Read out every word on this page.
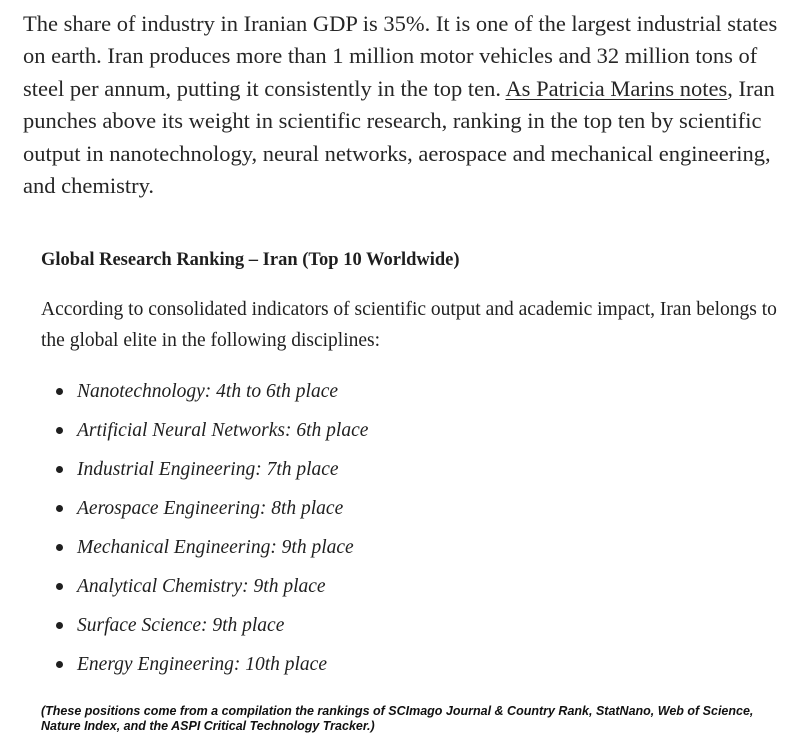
The share of industry in Iranian GDP is 35%. It is one of the largest industrial states on earth. Iran produces more than 1 million motor vehicles and 32 million tons of steel per annum, putting it consistently in the top ten. As Patricia Marins notes, Iran punches above its weight in scientific research, ranking in the top ten by scientific output in nanotechnology, neural networks, aerospace and mechanical engineering, and chemistry.

Global Research Ranking – Iran (Top 10 Worldwide)

According to consolidated indicators of scientific output and academic impact, Iran belongs to the global elite in the following disciplines:

Nanotechnology: 4th to 6th place
Artificial Neural Networks: 6th place
Industrial Engineering: 7th place
Aerospace Engineering: 8th place
Mechanical Engineering: 9th place
Analytical Chemistry: 9th place
Surface Science: 9th place
Energy Engineering: 10th place

(These positions come from a compilation the rankings of SCImago Journal & Country Rank, StatNano, Web of Science, Nature Index, and the ASPI Critical Technology Tracker.)
